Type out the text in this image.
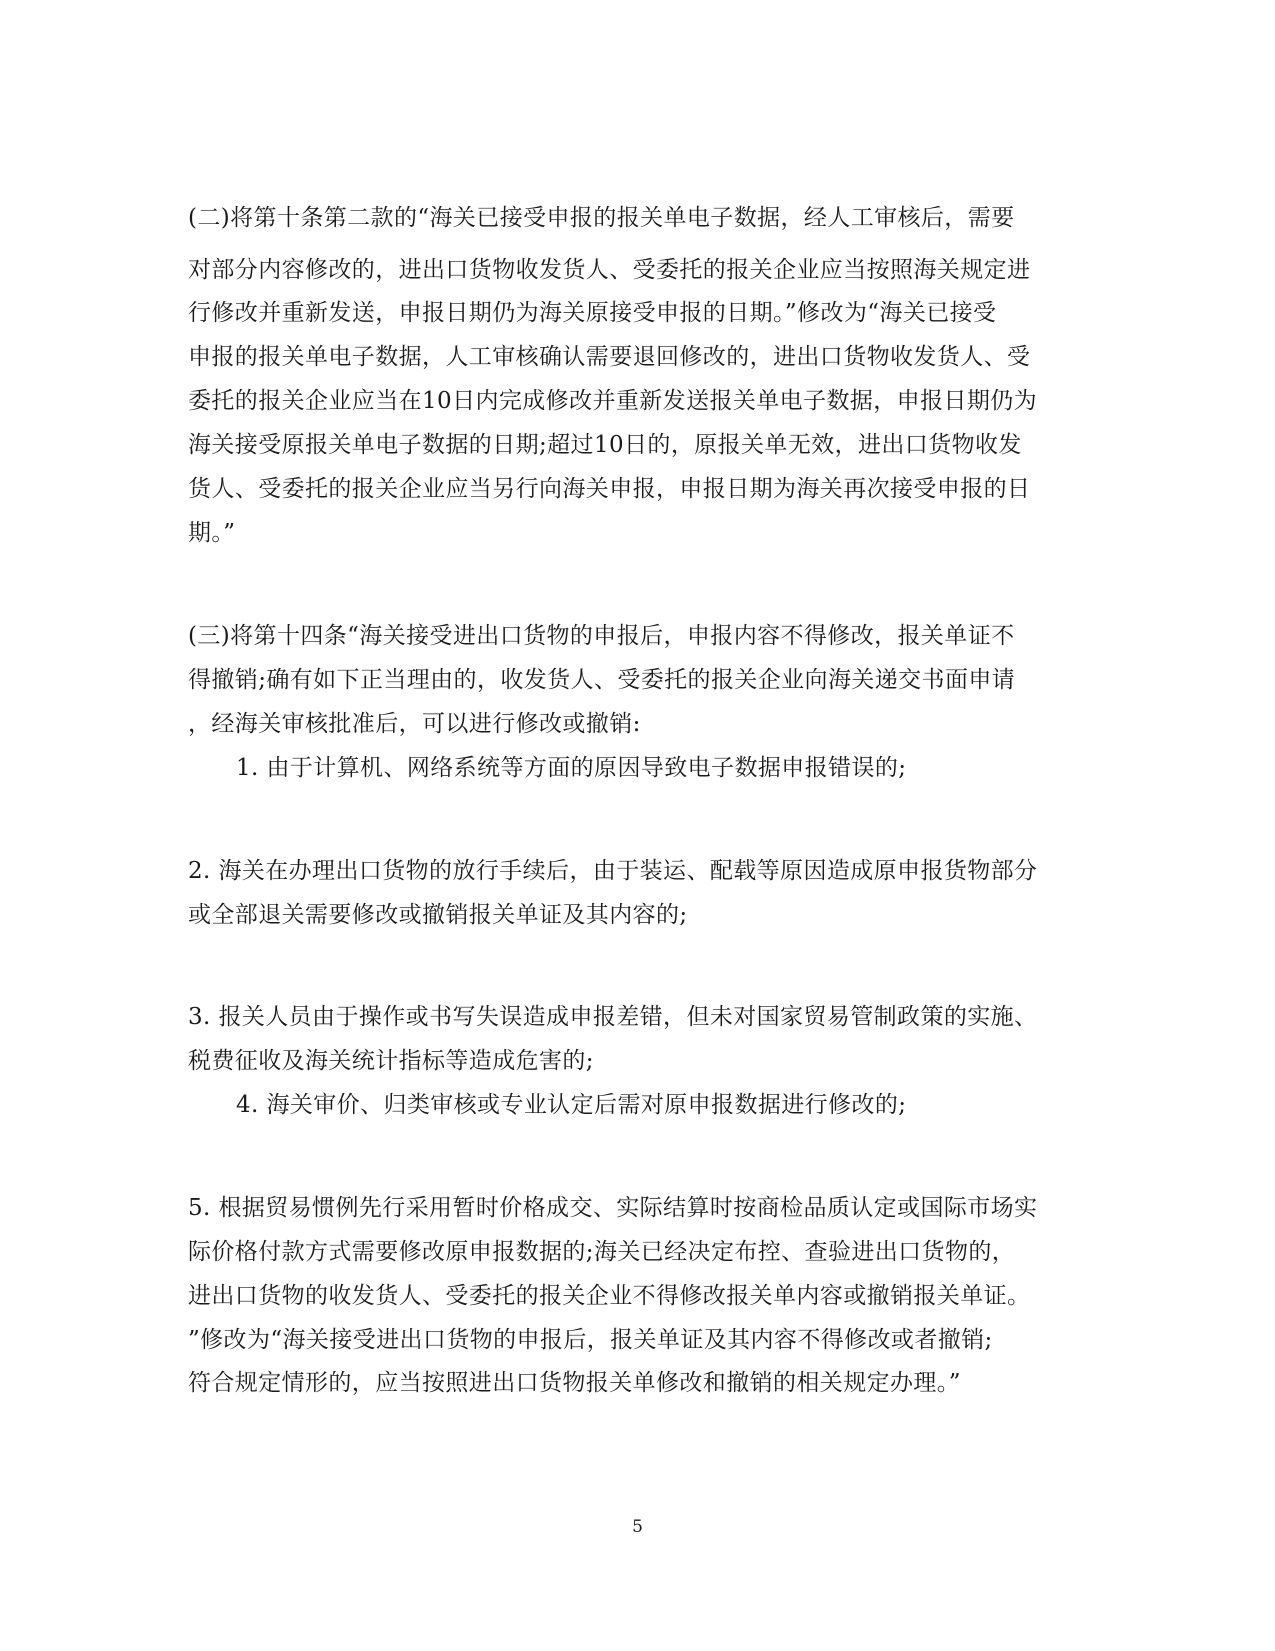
(二)将第十条第二款的“海关已接受申报的报关单电子数据，经人工审核后，需要
对部分内容修改的，进出口货物收发货人、受委托的报关企业应当按照海关规定进
行修改并重新发送，申报日期仍为海关原接受申报的日期。”修改为“海关已接受
申报的报关单电子数据，人工审核确认需要退回修改的，进出口货物收发货人、受
委托的报关企业应当在10日内完成修改并重新发送报关单电子数据，申报日期仍为
海关接受原报关单电子数据的日期;超过10日的，原报关单无效，进出口货物收发
货人、受委托的报关企业应当另行向海关申报，申报日期为海关再次接受申报的日
期。”
(三)将第十四条“海关接受进出口货物的申报后，申报内容不得修改，报关单证不
得撤销;确有如下正当理由的，收发货人、受委托的报关企业向海关递交书面申请
，经海关审核批准后，可以进行修改或撤销:
1. 由于计算机、网络系统等方面的原因导致电子数据申报错误的;
2. 海关在办理出口货物的放行手续后，由于装运、配载等原因造成原申报货物部分
或全部退关需要修改或撤销报关单证及其内容的;
3. 报关人员由于操作或书写失误造成申报差错，但未对国家贸易管制政策的实施、
税费征收及海关统计指标等造成危害的;
4. 海关审价、归类审核或专业认定后需对原申报数据进行修改的;
5. 根据贸易惯例先行采用暂时价格成交、实际结算时按商检品质认定或国际市场实
际价格付款方式需要修改原申报数据的;海关已经决定布控、查验进出口货物的，
进出口货物的收发货人、受委托的报关企业不得修改报关单内容或撤销报关单证。
”修改为“海关接受进出口货物的申报后，报关单证及其内容不得修改或者撤销;
符合规定情形的，应当按照进出口货物报关单修改和撤销的相关规定办理。”
5
